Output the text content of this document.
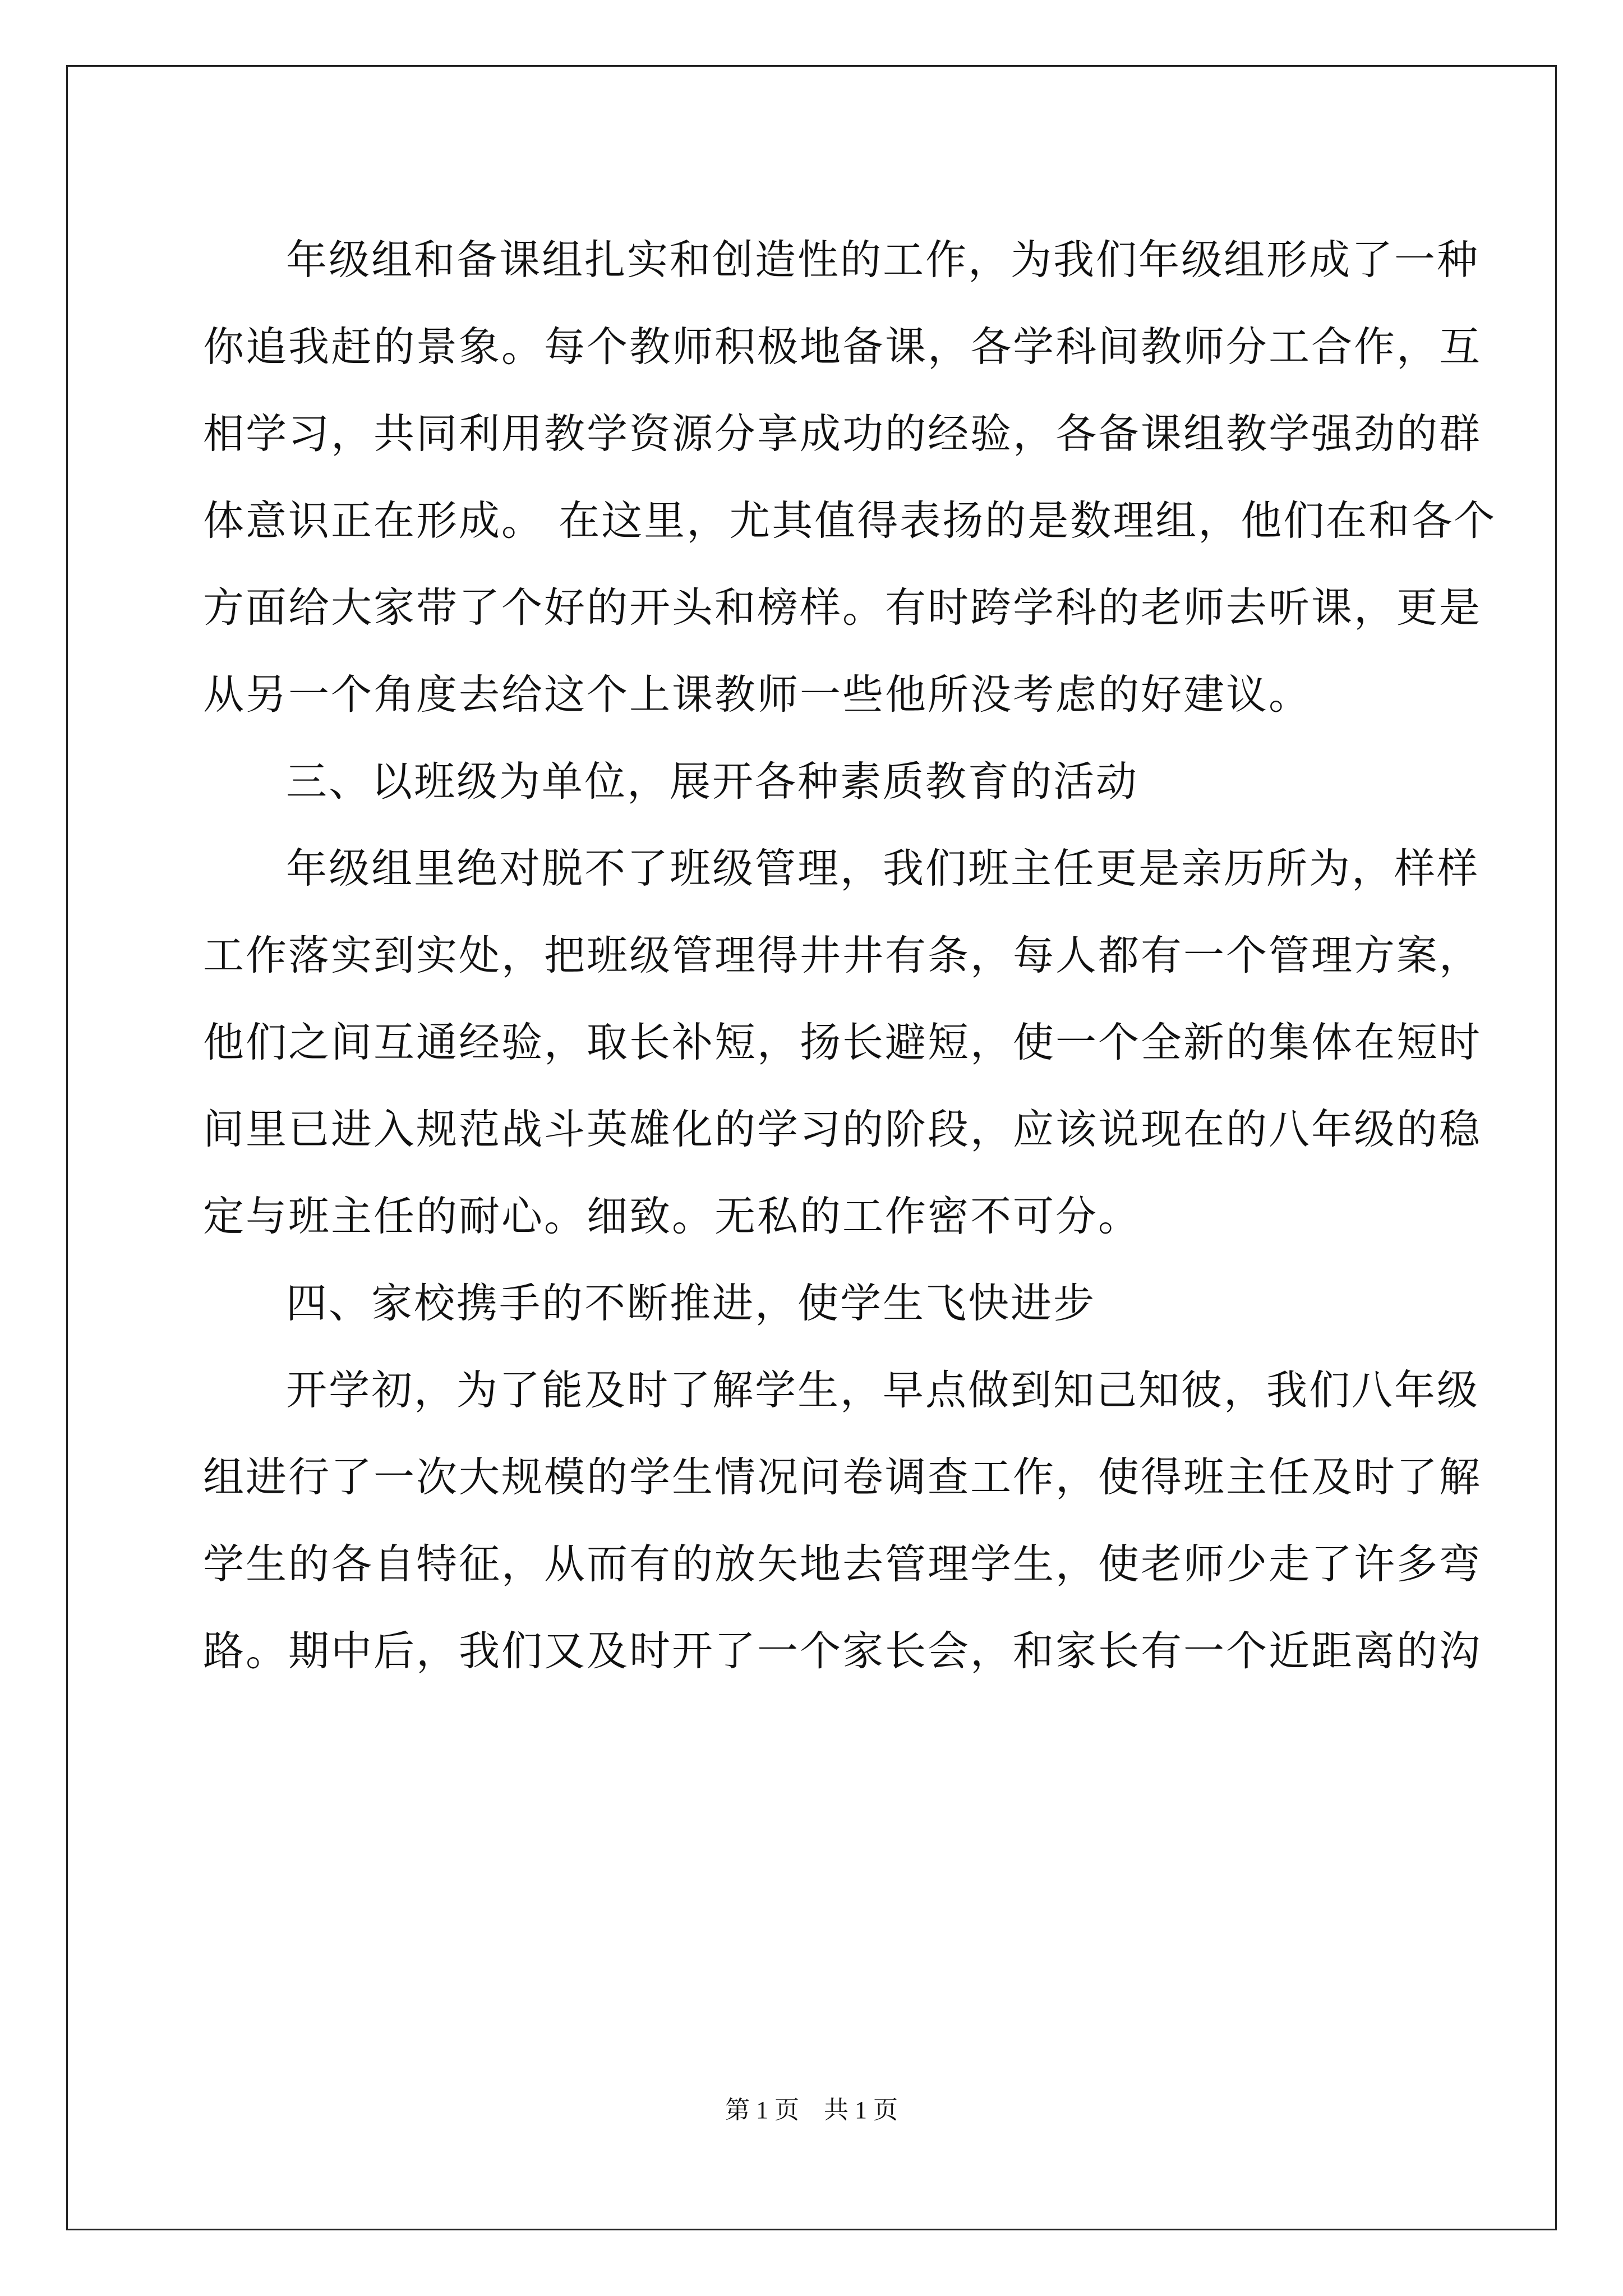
年级组和备课组扎实和创造性的工作，为我们年级组形成了一种
你追我赶的景象。每个教师积极地备课，各学科间教师分工合作，互
相学习，共同利用教学资源分享成功的经验，各备课组教学强劲的群
体意识正在形成。 在这里，尤其值得表扬的是数理组，他们在和各个
方面给大家带了个好的开头和榜样。有时跨学科的老师去听课，更是
从另一个角度去给这个上课教师一些他所没考虑的好建议。
三、以班级为单位，展开各种素质教育的活动
年级组里绝对脱不了班级管理，我们班主任更是亲历所为，样样
工作落实到实处，把班级管理得井井有条，每人都有一个管理方案，
他们之间互通经验，取长补短，扬长避短，使一个全新的集体在短时
间里已进入规范战斗英雄化的学习的阶段，应该说现在的八年级的稳
定与班主任的耐心。细致。无私的工作密不可分。
四、家校携手的不断推进，使学生飞快进步
开学初，为了能及时了解学生，早点做到知己知彼，我们八年级
组进行了一次大规模的学生情况问卷调查工作，使得班主任及时了解
学生的各自特征，从而有的放矢地去管理学生，使老师少走了许多弯
路。期中后，我们又及时开了一个家长会，和家长有一个近距离的沟
第 1 页　共 1 页
